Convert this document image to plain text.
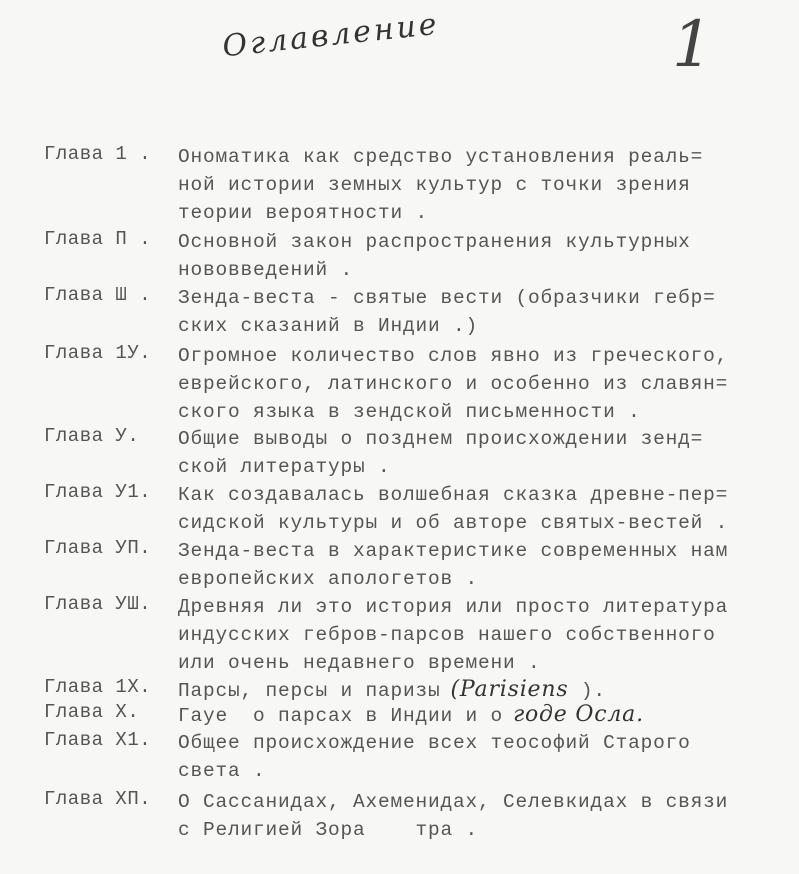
Оглавление	1
Глава 1 . Ономатика как средство установления реаль=
ной истории земных культур с точки зрения
теории вероятности .
Глава П . Основной закон распространения культурных
нововведений .
Глава Ш . Зенда-веста - святые вести (образчики гебр=
ских сказаний в Индии .)
Глава 1У. Огромное количество слов явно из греческого,
еврейского, латинского и особенно из славян=
ского языка в зендской письменности .
Глава У. Общие выводы о позднем происхождении зенд=
ской литературы .
Глава У1. Как создавалась волшебная сказка древне-пер=
сидской культуры и об авторе святых-вестей .
Глава УП. Зенда-веста в характеристике современных нам
европейских апологетов .
Глава УШ. Древняя ли это история или просто литература
индусских гебров-парсов нашего собственного
или очень недавнего времени .
Глава 1Х. Парсы, персы и паризы (Parisiens ).
Глава Х. Гауе  о парсах в Индии и о годе Осла.
Глава Х1. Общее происхождение всех теософий Старого
света .
Глава ХП. О Сассанидах, Ахеменидах, Селевкидах в связи
с Религией Зора    тра .
